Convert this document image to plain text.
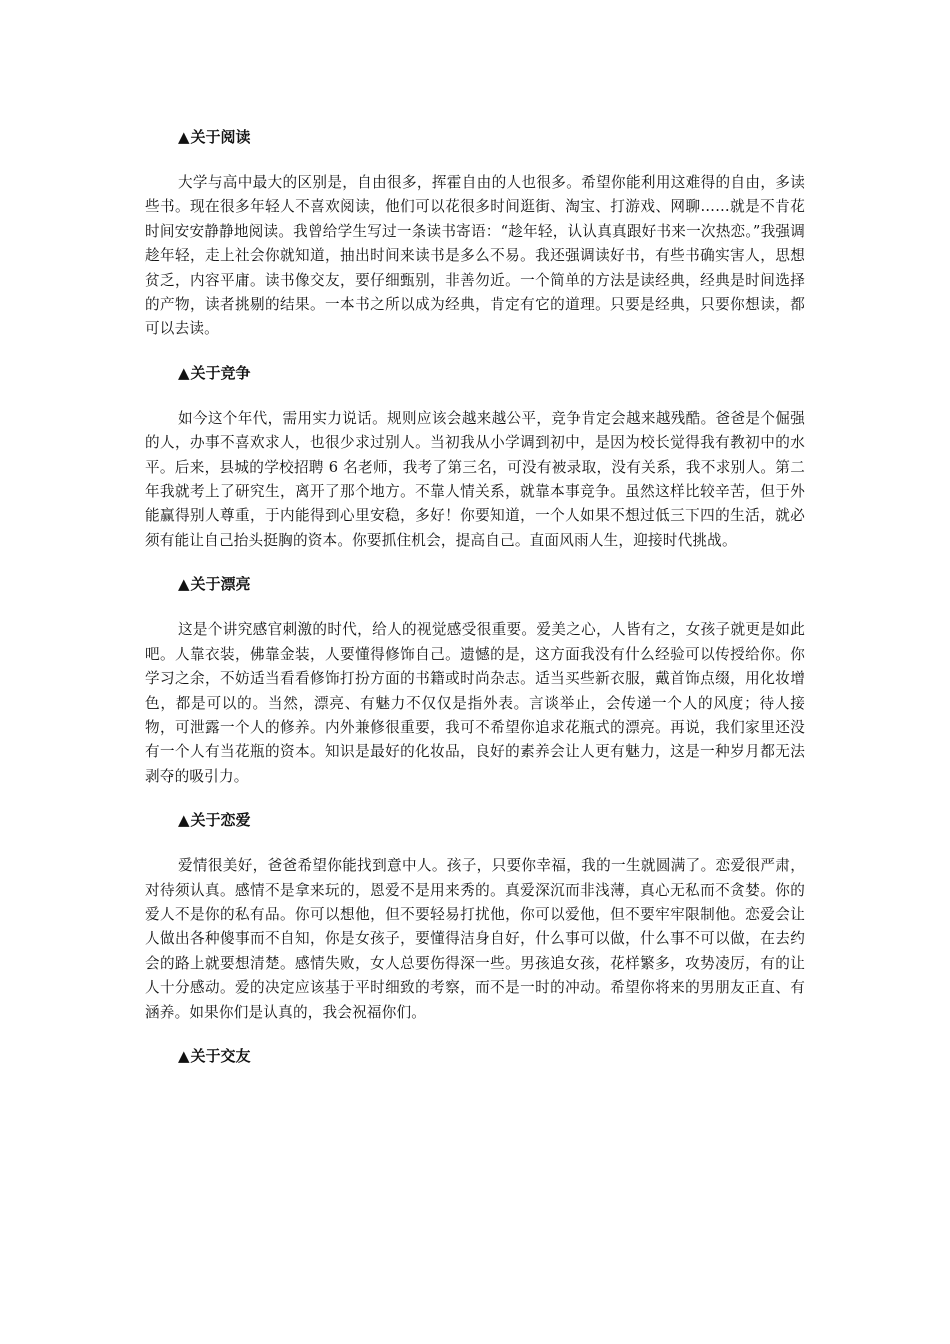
▲关于阅读

大学与高中最大的区别是，自由很多，挥霍自由的人也很多。希望你能利用这难得的自由，多读些书。现在很多年轻人不喜欢阅读，他们可以花很多时间逛街、淘宝、打游戏、网聊……就是不肯花时间安安静静地阅读。我曾给学生写过一条读书寄语：“趁年轻，认认真真跟好书来一次热恋。”我强调趁年轻，走上社会你就知道，抽出时间来读书是多么不易。我还强调读好书，有些书确实害人，思想贫乏，内容平庸。读书像交友，要仔细甄别，非善勿近。一个简单的方法是读经典，经典是时间选择的产物，读者挑剔的结果。一本书之所以成为经典，肯定有它的道理。只要是经典，只要你想读，都可以去读。

▲关于竞争

如今这个年代，需用实力说话。规则应该会越来越公平，竞争肯定会越来越残酷。爸爸是个倔强的人，办事不喜欢求人，也很少求过别人。当初我从小学调到初中，是因为校长觉得我有教初中的水平。后来，县城的学校招聘 6 名老师，我考了第三名，可没有被录取，没有关系，我不求别人。第二年我就考上了研究生，离开了那个地方。不靠人情关系，就靠本事竞争。虽然这样比较辛苦，但于外能赢得别人尊重，于内能得到心里安稳，多好！你要知道，一个人如果不想过低三下四的生活，就必须有能让自己抬头挺胸的资本。你要抓住机会，提高自己。直面风雨人生，迎接时代挑战。

▲关于漂亮

这是个讲究感官刺激的时代，给人的视觉感受很重要。爱美之心，人皆有之，女孩子就更是如此吧。人靠衣装，佛靠金装，人要懂得修饰自己。遗憾的是，这方面我没有什么经验可以传授给你。你学习之余，不妨适当看看修饰打扮方面的书籍或时尚杂志。适当买些新衣服，戴首饰点缀，用化妆增色，都是可以的。当然，漂亮、有魅力不仅仅是指外表。言谈举止，会传递一个人的风度；待人接物，可泄露一个人的修养。内外兼修很重要，我可不希望你追求花瓶式的漂亮。再说，我们家里还没有一个人有当花瓶的资本。知识是最好的化妆品，良好的素养会让人更有魅力，这是一种岁月都无法剥夺的吸引力。

▲关于恋爱

爱情很美好，爸爸希望你能找到意中人。孩子，只要你幸福，我的一生就圆满了。恋爱很严肃，对待须认真。感情不是拿来玩的，恩爱不是用来秀的。真爱深沉而非浅薄，真心无私而不贪婪。你的爱人不是你的私有品。你可以想他，但不要轻易打扰他，你可以爱他，但不要牢牢限制他。恋爱会让人做出各种傻事而不自知，你是女孩子，要懂得洁身自好，什么事可以做，什么事不可以做，在去约会的路上就要想清楚。感情失败，女人总要伤得深一些。男孩追女孩，花样繁多，攻势凌厉，有的让人十分感动。爱的决定应该基于平时细致的考察，而不是一时的冲动。希望你将来的男朋友正直、有涵养。如果你们是认真的，我会祝福你们。

▲关于交友
